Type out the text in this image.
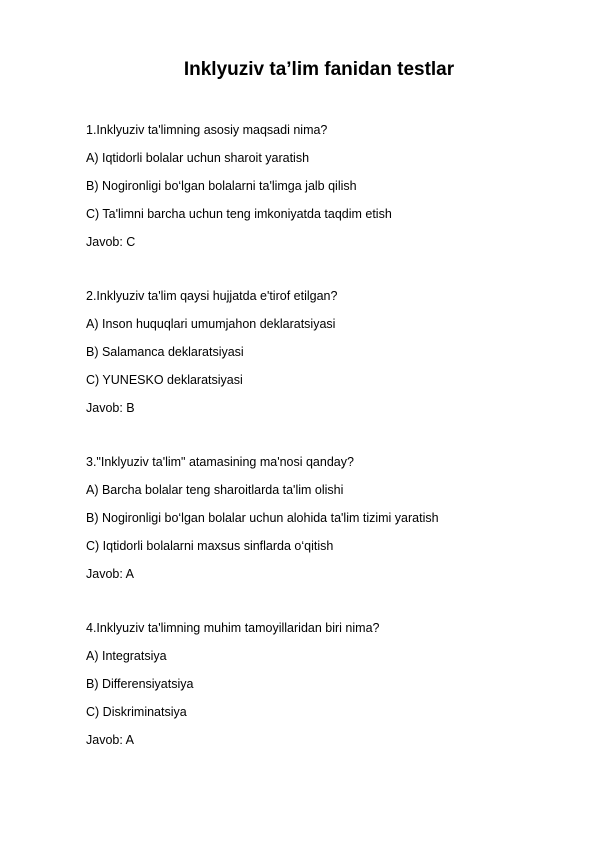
Inklyuziv ta’lim fanidan testlar
1.Inklyuziv ta'limning asosiy maqsadi nima?
A) Iqtidorli bolalar uchun sharoit yaratish
B) Nogironligi bo‘lgan bolalarni ta'limga jalb qilish
C) Ta'limni barcha uchun teng imkoniyatda taqdim etish
Javob: C
2.Inklyuziv ta'lim qaysi hujjatda e'tirof etilgan?
A) Inson huquqlari umumjahon deklaratsiyasi
B) Salamanca deklaratsiyasi
C) YUNESKO deklaratsiyasi
Javob: B
3."Inklyuziv ta'lim" atamasining ma'nosi qanday?
A) Barcha bolalar teng sharoitlarda ta'lim olishi
B) Nogironligi bo‘lgan bolalar uchun alohida ta'lim tizimi yaratish
C) Iqtidorli bolalarni maxsus sinflarda o‘qitish
Javob: A
4.Inklyuziv ta'limning muhim tamoyillaridan biri nima?
A) Integratsiya
B) Differensiyatsiya
C) Diskriminatsiya
Javob: A
